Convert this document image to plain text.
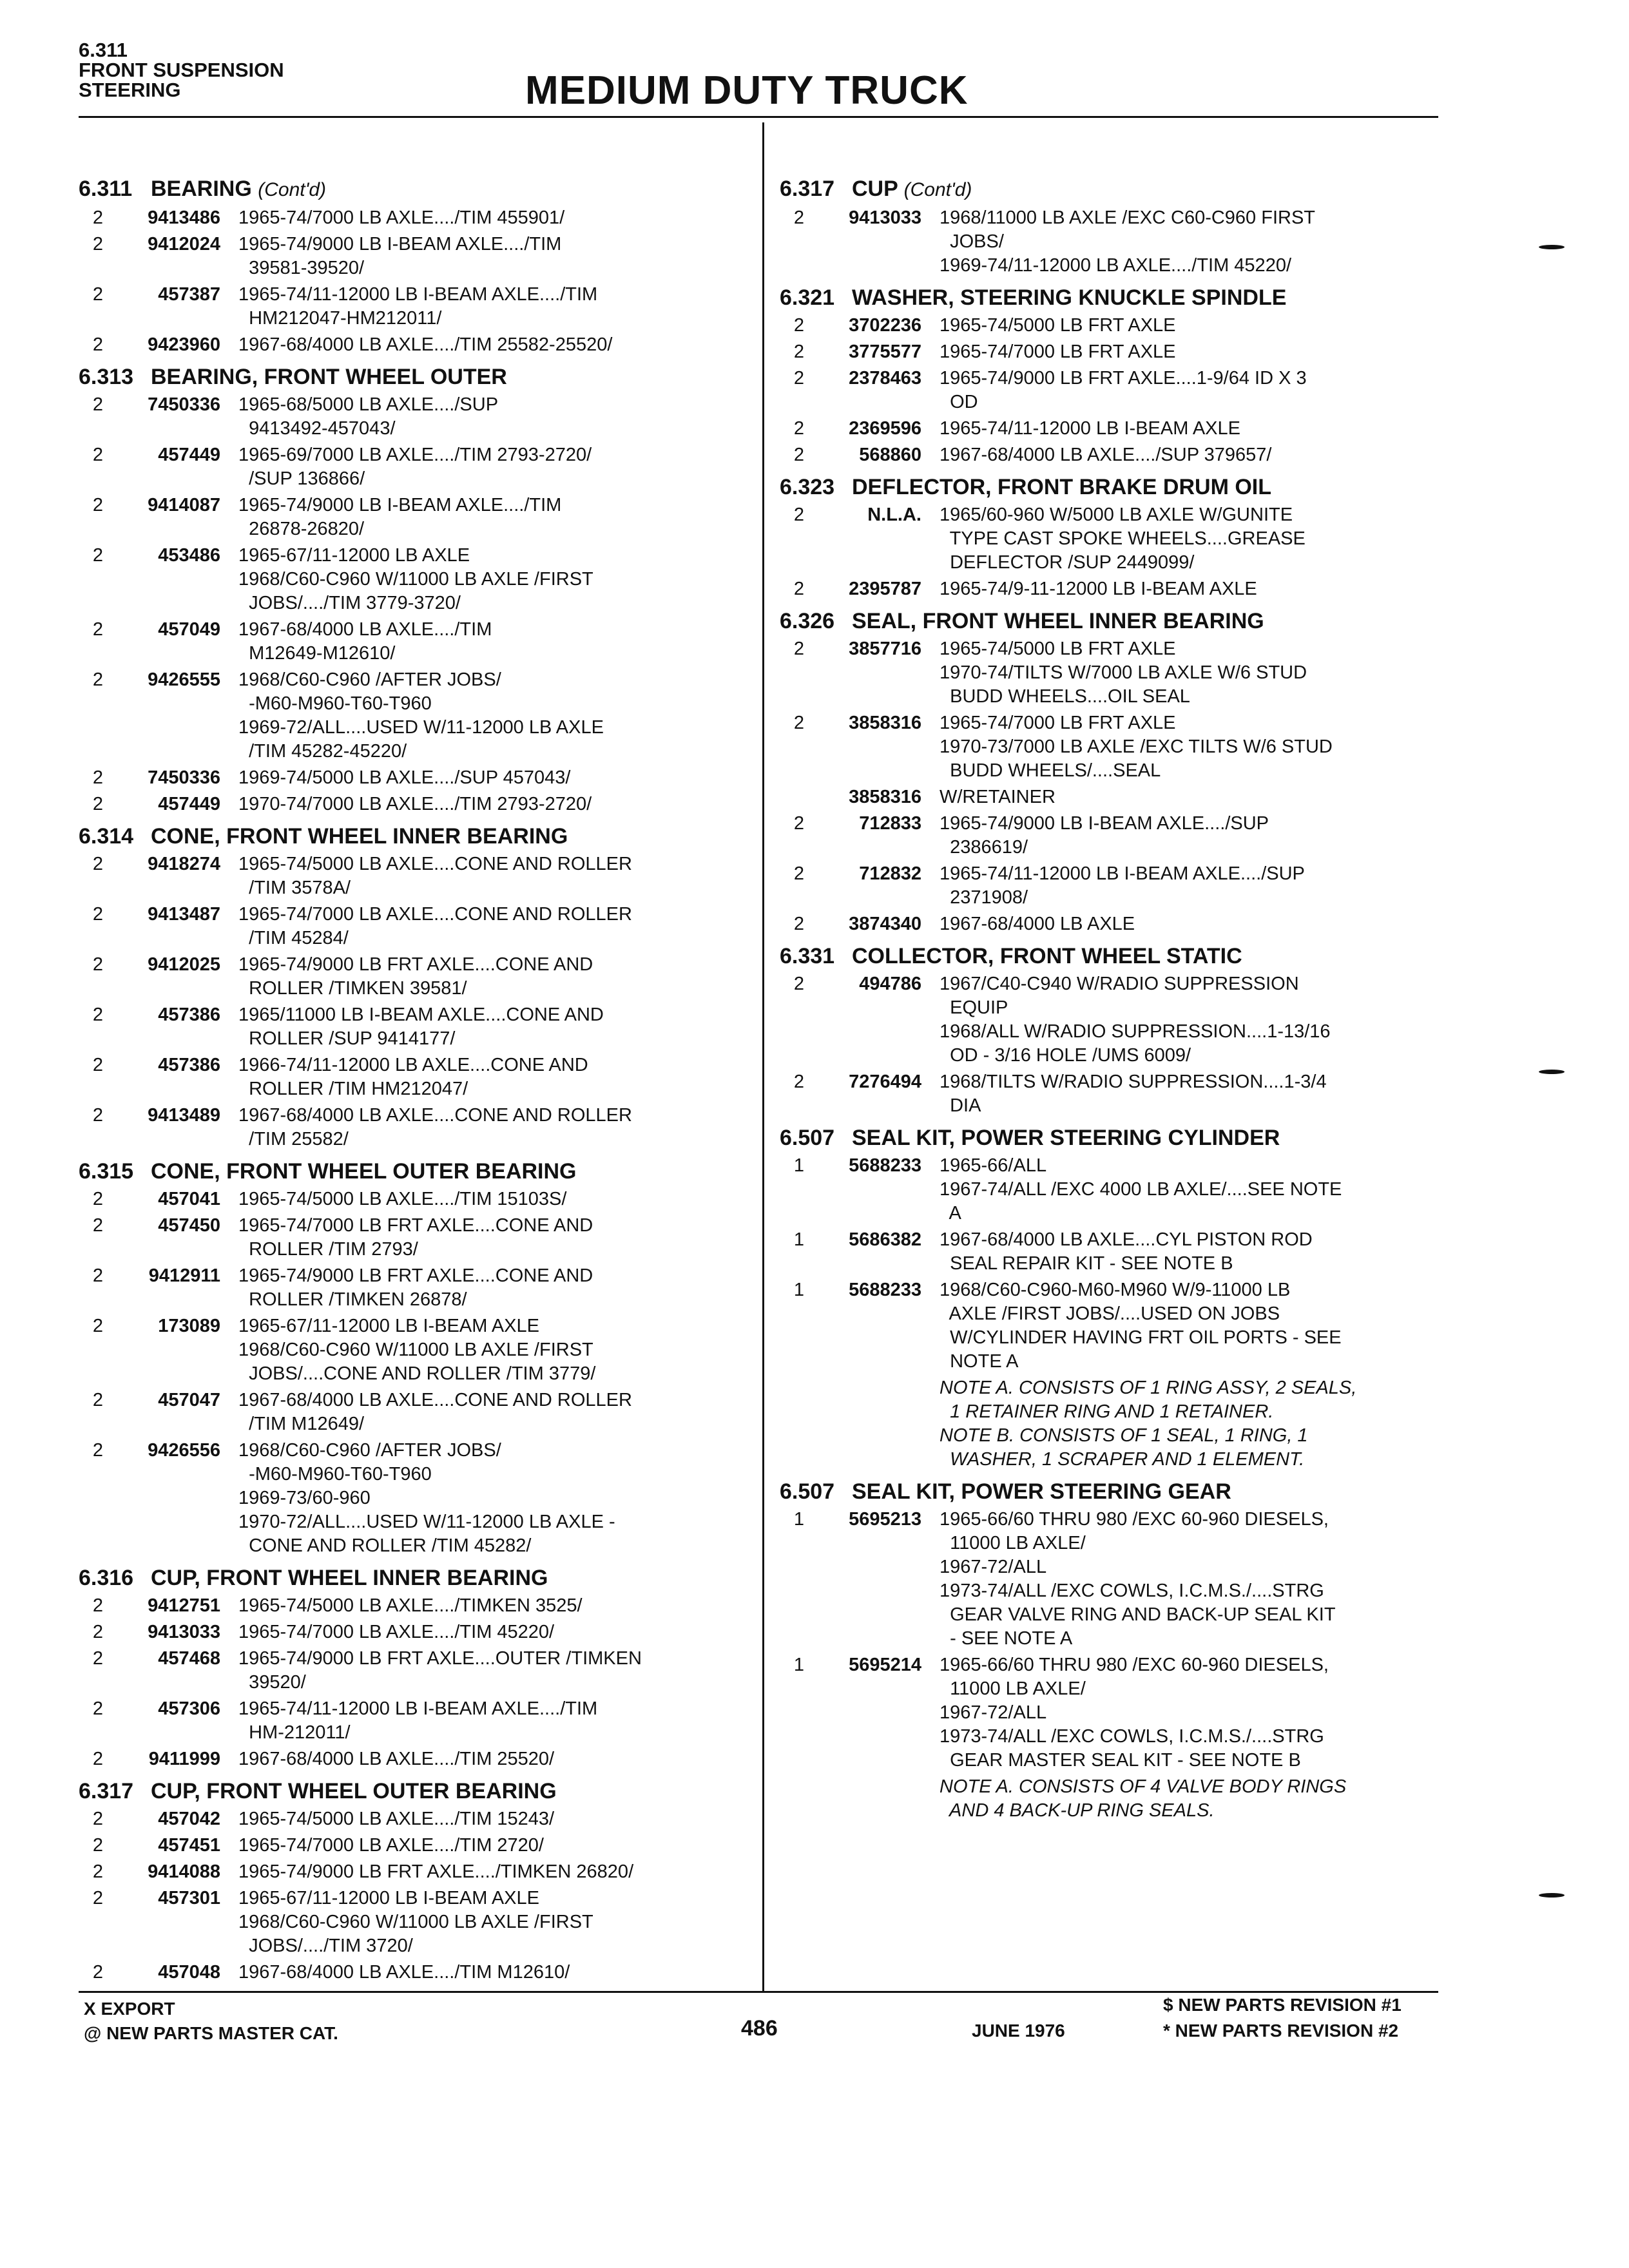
6.311
FRONT SUSPENSION
STEERING	MEDIUM DUTY TRUCK
6.311 BEARING (Cont'd)
2	9413486 1965-74/7000 LB AXLE..../TIM 455901/
2	9412024 1965-74/9000 LB I-BEAM AXLE..../TIM
39581-39520/
2	457387 1965-74/11-12000 LB I-BEAM AXLE..../TIM
HM212047-HM212011/
2	9423960 1967-68/4000 LB AXLE..../TIM 25582-25520/
6.313 BEARING, FRONT WHEEL OUTER
2	7450336 1965-68/5000 LB AXLE..../SUP
9413492-457043/
2	457449 1965-69/7000 LB AXLE..../TIM 2793-2720/
/SUP 136866/
2	9414087 1965-74/9000 LB I-BEAM AXLE..../TIM
26878-26820/
2	453486 1965-67/11-12000 LB AXLE
1968/C60-C960 W/11000 LB AXLE /FIRST
JOBS/..../TIM 3779-3720/
2	457049 1967-68/4000 LB AXLE..../TIM
M12649-M12610/
2	9426555 1968/C60-C960 /AFTER JOBS/
-M60-M960-T60-T960
1969-72/ALL....USED W/11-12000 LB AXLE
/TIM 45282-45220/
2	7450336 1969-74/5000 LB AXLE..../SUP 457043/
2	457449 1970-74/7000 LB AXLE..../TIM 2793-2720/
6.314 CONE, FRONT WHEEL INNER BEARING
2	9418274 1965-74/5000 LB AXLE....CONE AND ROLLER
/TIM 3578A/
2	9413487 1965-74/7000 LB AXLE....CONE AND ROLLER
/TIM 45284/
2	9412025 1965-74/9000 LB FRT AXLE....CONE AND
ROLLER /TIMKEN 39581/
2	457386 1965/11000 LB I-BEAM AXLE....CONE AND
ROLLER /SUP 9414177/
2	457386 1966-74/11-12000 LB AXLE....CONE AND
ROLLER /TIM HM212047/
2	9413489 1967-68/4000 LB AXLE....CONE AND ROLLER
/TIM 25582/
6.315 CONE, FRONT WHEEL OUTER BEARING
2	457041 1965-74/5000 LB AXLE..../TIM 15103S/
2	457450 1965-74/7000 LB FRT AXLE....CONE AND
ROLLER /TIM 2793/
2	9412911 1965-74/9000 LB FRT AXLE....CONE AND
ROLLER /TIMKEN 26878/
2	173089 1965-67/11-12000 LB I-BEAM AXLE
1968/C60-C960 W/11000 LB AXLE /FIRST
JOBS/....CONE AND ROLLER /TIM 3779/
2	457047 1967-68/4000 LB AXLE....CONE AND ROLLER
/TIM M12649/
2	9426556 1968/C60-C960 /AFTER JOBS/
-M60-M960-T60-T960
1969-73/60-960
1970-72/ALL....USED W/11-12000 LB AXLE -
CONE AND ROLLER /TIM 45282/
6.316 CUP, FRONT WHEEL INNER BEARING
2	9412751 1965-74/5000 LB AXLE..../TIMKEN 3525/
2	9413033 1965-74/7000 LB AXLE..../TIM 45220/
2	457468 1965-74/9000 LB FRT AXLE....OUTER /TIMKEN
39520/
2	457306 1965-74/11-12000 LB I-BEAM AXLE..../TIM
HM-212011/
2	9411999 1967-68/4000 LB AXLE..../TIM 25520/
6.317 CUP, FRONT WHEEL OUTER BEARING
2	457042 1965-74/5000 LB AXLE..../TIM 15243/
2	457451 1965-74/7000 LB AXLE..../TIM 2720/
2	9414088 1965-74/9000 LB FRT AXLE..../TIMKEN 26820/
2	457301 1965-67/11-12000 LB I-BEAM AXLE
1968/C60-C960 W/11000 LB AXLE /FIRST
JOBS/..../TIM 3720/
2	457048 1967-68/4000 LB AXLE..../TIM M12610/
6.317 CUP (Cont'd)
2	9413033 1968/11000 LB AXLE /EXC C60-C960 FIRST
JOBS/
1969-74/11-12000 LB AXLE..../TIM 45220/
6.321 WASHER, STEERING KNUCKLE SPINDLE
2	3702236 1965-74/5000 LB FRT AXLE
2	3775577 1965-74/7000 LB FRT AXLE
2	2378463 1965-74/9000 LB FRT AXLE....1-9/64 ID X 3
OD
2	2369596 1965-74/11-12000 LB I-BEAM AXLE
2	568860 1967-68/4000 LB AXLE..../SUP 379657/
6.323 DEFLECTOR, FRONT BRAKE DRUM OIL
2	N.L.A. 1965/60-960 W/5000 LB AXLE W/GUNITE
TYPE CAST SPOKE WHEELS....GREASE
DEFLECTOR /SUP 2449099/
2	2395787 1965-74/9-11-12000 LB I-BEAM AXLE
6.326 SEAL, FRONT WHEEL INNER BEARING
2	3857716 1965-74/5000 LB FRT AXLE
1970-74/TILTS W/7000 LB AXLE W/6 STUD
BUDD WHEELS....OIL SEAL
2	3858316 1965-74/7000 LB FRT AXLE
1970-73/7000 LB AXLE /EXC TILTS W/6 STUD
BUDD WHEELS/....SEAL
3858316 W/RETAINER
2	712833 1965-74/9000 LB I-BEAM AXLE..../SUP
2386619/
2	712832 1965-74/11-12000 LB I-BEAM AXLE..../SUP
2371908/
2	3874340 1967-68/4000 LB AXLE
6.331 COLLECTOR, FRONT WHEEL STATIC
2	494786 1967/C40-C940 W/RADIO SUPPRESSION
EQUIP
1968/ALL W/RADIO SUPPRESSION....1-13/16
OD - 3/16 HOLE /UMS 6009/
2	7276494 1968/TILTS W/RADIO SUPPRESSION....1-3/4
DIA
6.507 SEAL KIT, POWER STEERING CYLINDER
1	5688233 1965-66/ALL
1967-74/ALL /EXC 4000 LB AXLE/....SEE NOTE
A
1	5686382 1967-68/4000 LB AXLE....CYL PISTON ROD
SEAL REPAIR KIT - SEE NOTE B
1	5688233 1968/C60-C960-M60-M960 W/9-11000 LB
AXLE /FIRST JOBS/....USED ON JOBS
W/CYLINDER HAVING FRT OIL PORTS - SEE
NOTE A
NOTE A. CONSISTS OF 1 RING ASSY, 2 SEALS,
1 RETAINER RING AND 1 RETAINER.
NOTE B. CONSISTS OF 1 SEAL, 1 RING, 1
WASHER, 1 SCRAPER AND 1 ELEMENT.
6.507 SEAL KIT, POWER STEERING GEAR
1	5695213 1965-66/60 THRU 980 /EXC 60-960 DIESELS,
11000 LB AXLE/
1967-72/ALL
1973-74/ALL /EXC COWLS, I.C.M.S./....STRG
GEAR VALVE RING AND BACK-UP SEAL KIT
- SEE NOTE A
1	5695214 1965-66/60 THRU 980 /EXC 60-960 DIESELS,
11000 LB AXLE/
1967-72/ALL
1973-74/ALL /EXC COWLS, I.C.M.S./....STRG
GEAR MASTER SEAL KIT - SEE NOTE B
NOTE A. CONSISTS OF 4 VALVE BODY RINGS
AND 4 BACK-UP RING SEALS.
X EXPORT
@ NEW PARTS MASTER CAT.	486	JUNE 1976
$ NEW PARTS REVISION #1
* NEW PARTS REVISION #2
